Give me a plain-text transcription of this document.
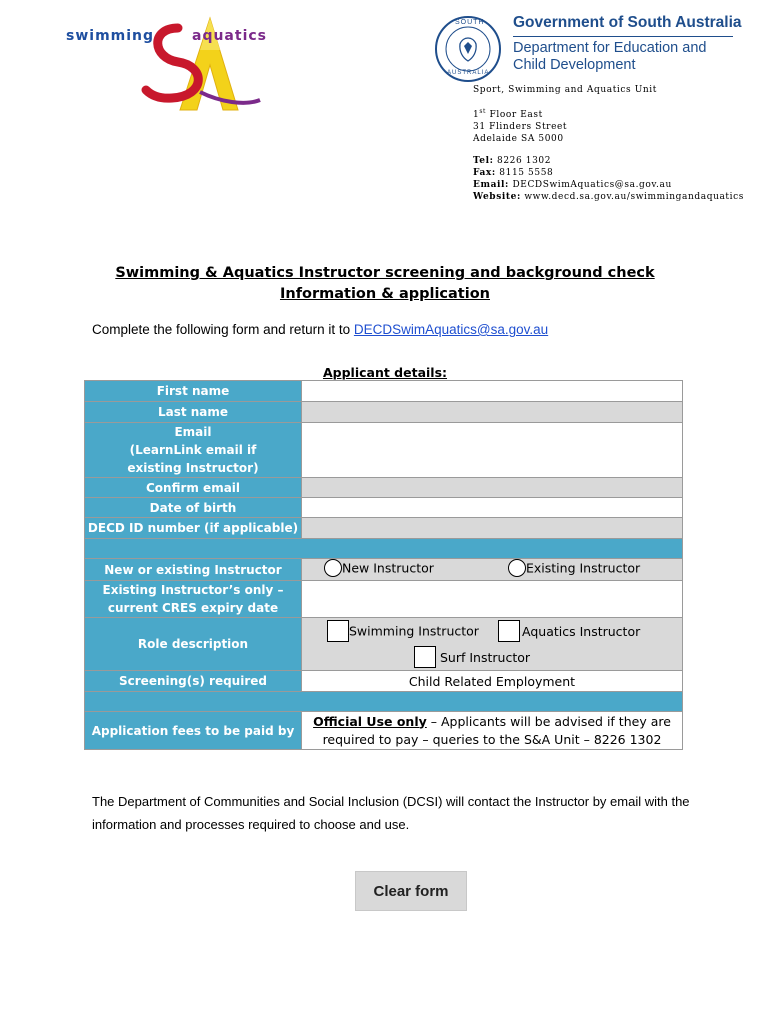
swimming	aquatics
SOUTH
AUSTRALIA
Government of South Australia
Department for Education and
Child Development
Sport, Swimming and Aquatics Unit
1st Floor East
31 Flinders Street
Adelaide SA 5000
Tel: 8226 1302
Fax: 8115 5558
Email: DECDSwimAquatics@sa.gov.au
Website: www.decd.sa.gov.au/swimmingandaquatics
Swimming & Aquatics Instructor screening and background check
Information & application
Complete the following form and return it to DECDSwimAquatics@sa.gov.au
Applicant details:
First name	
Last name	

Email
(LearnLink email if
existing Instructor)	

Confirm email	
Date of birth	
DECD ID number (if applicable)	

New or existing Instructor	New Instructor Existing Instructor

Existing Instructor’s only –
current CRES expiry date	

Role description	Swimming Instructor Aquatics Instructor
Surf Instructor

Screening(s) required	Child Related Employment

Application fees to be paid by	Official Use only – Applicants will be advised if they are
required to pay – queries to the S&A Unit – 8226 1302
The Department of Communities and Social Inclusion (DCSI) will contact the Instructor by email with the information and processes required to choose and use.
Clear form
